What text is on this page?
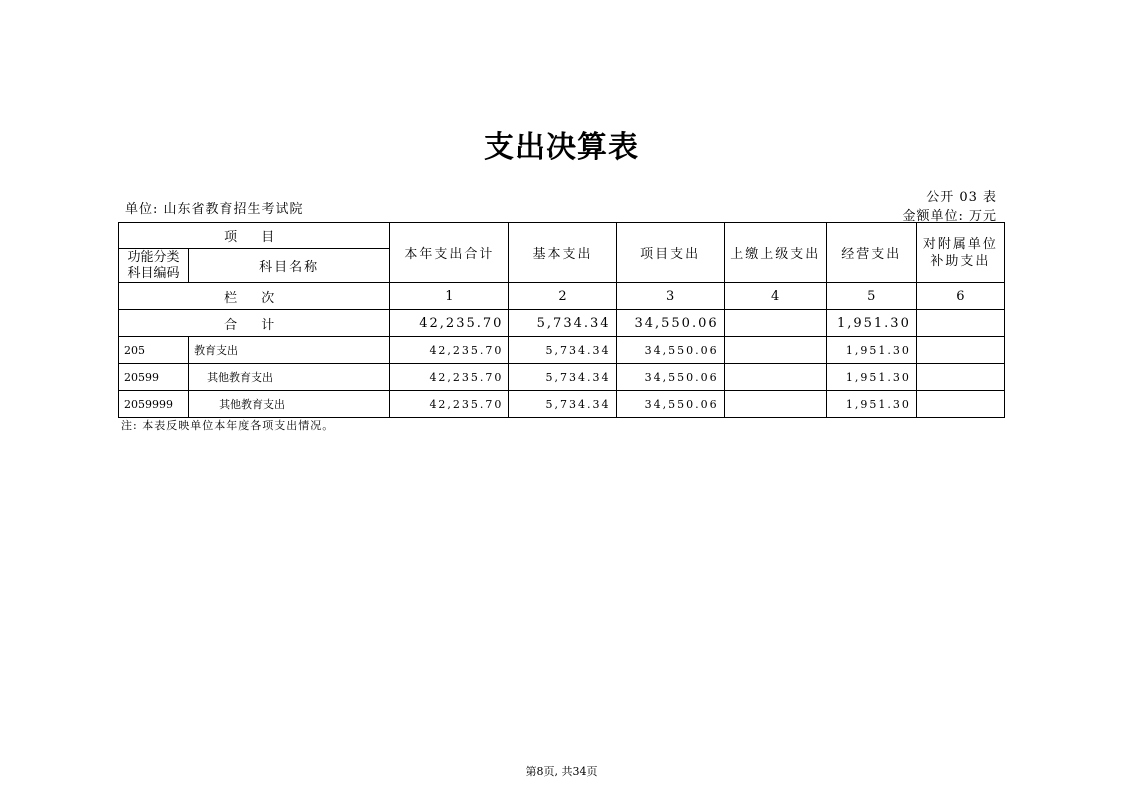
支出决算表
单位: 山东省教育招生考试院
公开 03 表
金额单位: 万元
项 目		本年支出合计	基本支出	项目支出	上缴上级支出	经营支出	对附属单位
补助支出

功能分类
科目编码	科目名称						
栏 次		1	2	3	4	5	6
合 计		42,235.70	5,734.34	34,550.06		1,951.30	
205	教育支出	42,235.70	5,734.34	34,550.06		1,951.30	
20599	其他教育支出	42,235.70	5,734.34	34,550.06		1,951.30	
2059999	其他教育支出	42,235.70	5,734.34	34,550.06		1,951.30	
注: 本表反映单位本年度各项支出情况。
第8页, 共34页
